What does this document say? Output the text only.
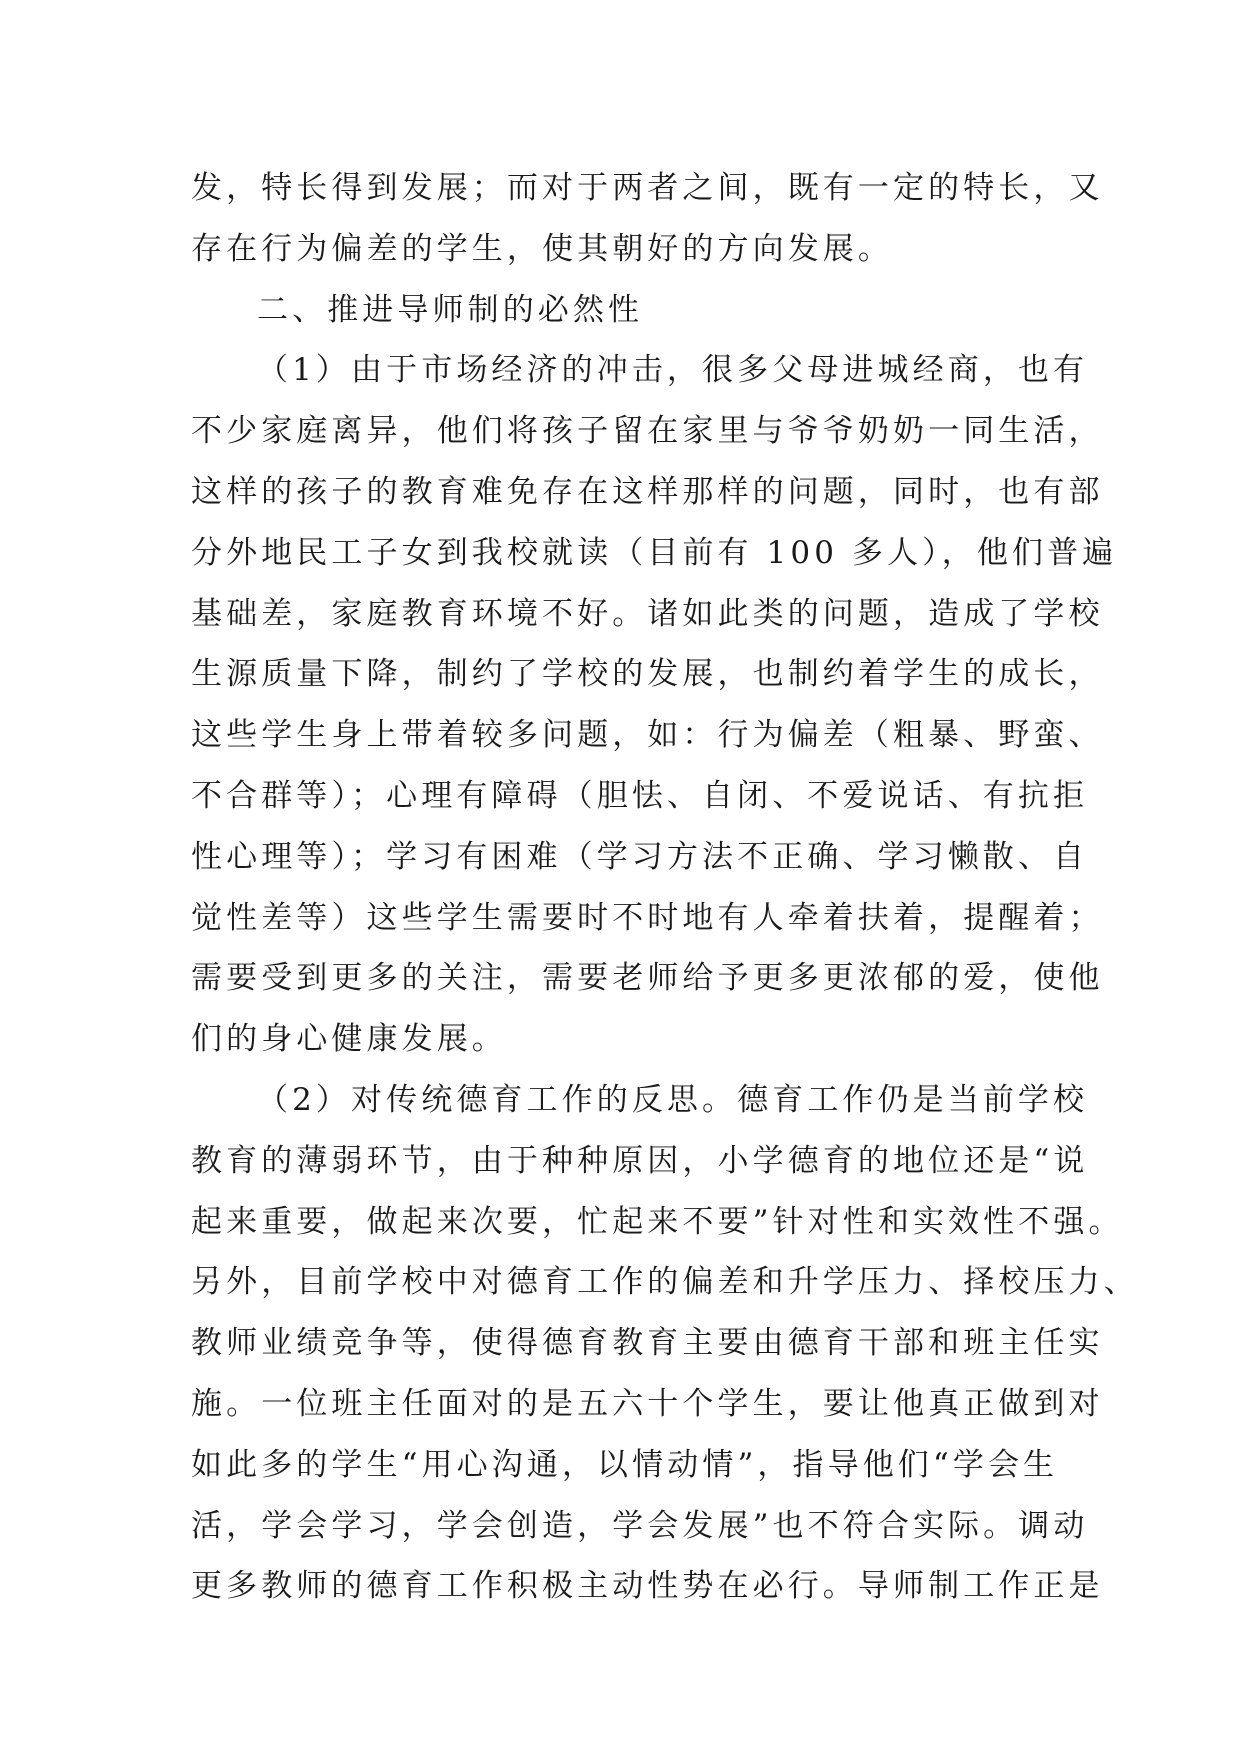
发，特长得到发展；而对于两者之间，既有一定的特长，又
存在行为偏差的学生，使其朝好的方向发展。
二、推进导师制的必然性
（1）由于市场经济的冲击，很多父母进城经商，也有
不少家庭离异，他们将孩子留在家里与爷爷奶奶一同生活，
这样的孩子的教育难免存在这样那样的问题，同时，也有部
分外地民工子女到我校就读（目前有 100 多人），他们普遍
基础差，家庭教育环境不好。诸如此类的问题，造成了学校
生源质量下降，制约了学校的发展，也制约着学生的成长，
这些学生身上带着较多问题，如：行为偏差（粗暴、野蛮、
不合群等）；心理有障碍（胆怯、自闭、不爱说话、有抗拒
性心理等）；学习有困难（学习方法不正确、学习懒散、自
觉性差等）这些学生需要时不时地有人牵着扶着，提醒着；
需要受到更多的关注，需要老师给予更多更浓郁的爱，使他
们的身心健康发展。
（2）对传统德育工作的反思。德育工作仍是当前学校
教育的薄弱环节，由于种种原因，小学德育的地位还是“说
起来重要，做起来次要，忙起来不要”针对性和实效性不强。
另外，目前学校中对德育工作的偏差和升学压力、择校压力、
教师业绩竞争等，使得德育教育主要由德育干部和班主任实
施。一位班主任面对的是五六十个学生，要让他真正做到对
如此多的学生“用心沟通，以情动情”，指导他们“学会生
活，学会学习，学会创造，学会发展”也不符合实际。调动
更多教师的德育工作积极主动性势在必行。导师制工作正是
